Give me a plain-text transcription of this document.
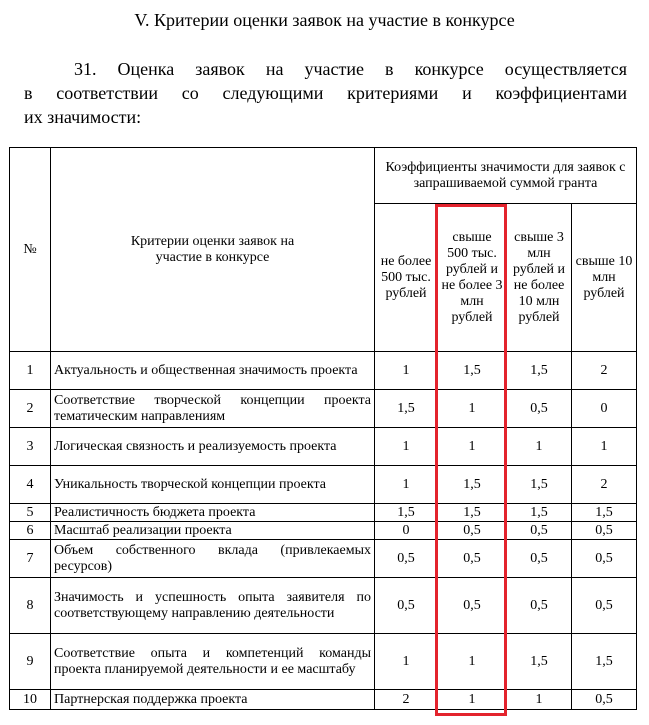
V. Критерии оценки заявок на участие в конкурсе
31. Оценка заявок на участие в конкурсе осуществляется
в соответствии со следующими критериями и коэффициентами
их значимости:
№	Критерии оценки заявок на участие в конкурсе	Коэффициенты значимости для заявок с запрашиваемой суммой гранта			
		не более 500 тыс. рублей	свыше 500 тыс. рублей и не более 3 млн рублей	свыше 3 млн рублей и не более 10 млн рублей	свыше 10 млн рублей
1	Актуальность и общественная значимость проекта	1	1,5	1,5	2
2	Соответствие творческой концепции проекта тематическим направлениям	1,5	1	0,5	0
3	Логическая связность и реализуемость проекта	1	1	1	1
4	Уникальность творческой концепции проекта	1	1,5	1,5	2
5	Реалистичность бюджета проекта	1,5	1,5	1,5	1,5
6	Масштаб реализации проекта	0	0,5	0,5	0,5
7	Объем собственного вклада (привлекаемых ресурсов)	0,5	0,5	0,5	0,5
8	Значимость и успешность опыта заявителя по соответствующему направлению деятельности	0,5	0,5	0,5	0,5
9	Соответствие опыта и компетенций команды проекта планируемой деятельности и ее масштабу	1	1	1,5	1,5
10	Партнерская поддержка проекта	2	1	1	0,5
